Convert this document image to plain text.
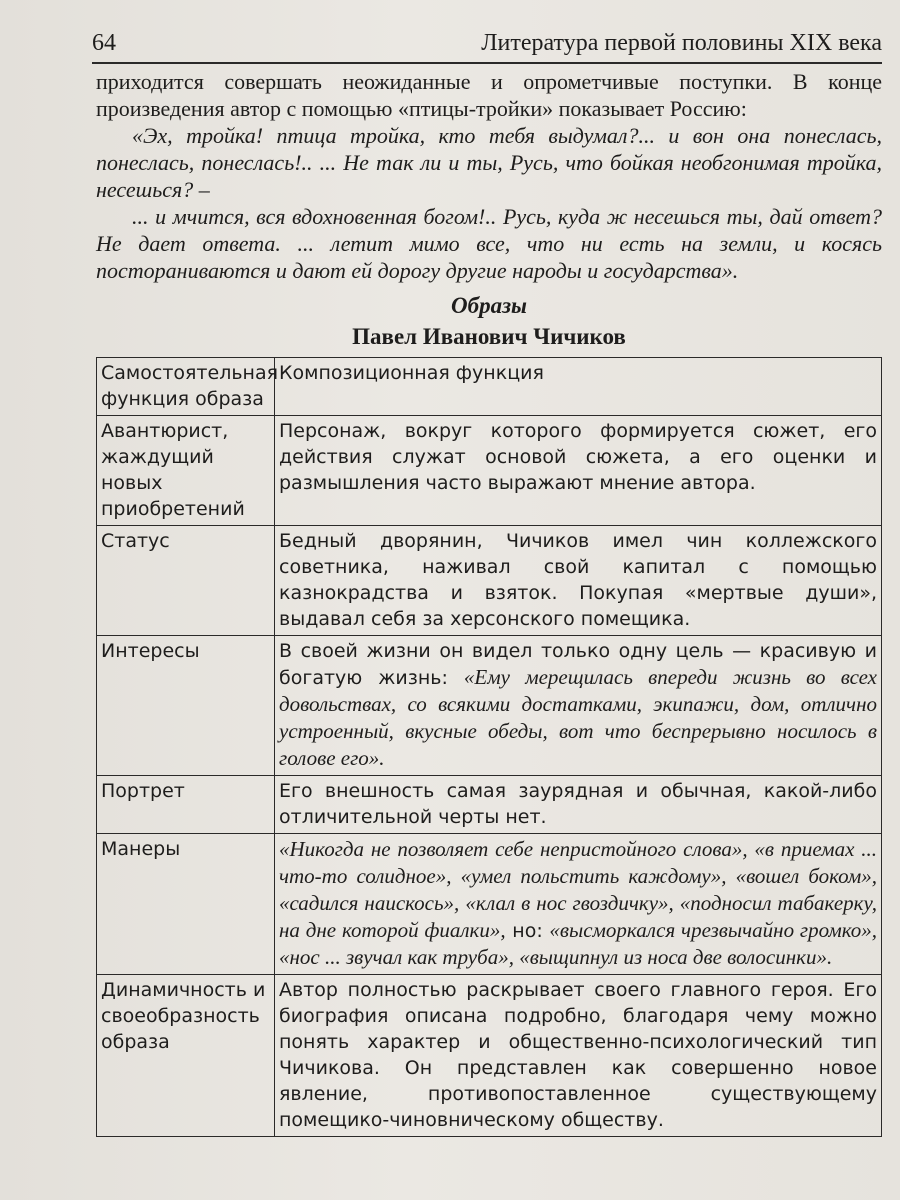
64	Литература первой половины XIX века

приходится совершать неожиданные и опрометчивые поступки. В конце произведения автор с помощью «птицы-тройки» показывает Россию:

«Эх, тройка! птица тройка, кто тебя выдумал?... и вон она понеслась, понеслась, понеслась!.. ... Не так ли и ты, Русь, что бойкая необгонимая тройка, несешься? –

... и мчится, вся вдохновенная богом!.. Русь, куда ж несешься ты, дай ответ? Не дает ответа. ... летит мимо все, что ни есть на земли, и косясь постораниваются и дают ей дорогу другие народы и государства».

Образы
Павел Иванович Чичиков
Самостоятельная функция образа	Композиционная функция
Авантюрист, жаждущий новых приобретений	Персонаж, вокруг которого формируется сюжет, его действия служат основой сюжета, а его оценки и размышления часто выражают мнение автора.
Статус	Бедный дворянин, Чичиков имел чин коллежского советника, наживал свой капитал с помощью казнокрадства и взяток. Покупая «мертвые души», выдавал себя за херсонского помещика.
Интересы	В своей жизни он видел только одну цель — красивую и богатую жизнь: «Ему мерещилась впереди жизнь во всех довольствах, со всякими достатками, экипажи, дом, отлично устроенный, вкусные обеды, вот что беспрерывно носилось в голове его».
Портрет	Его внешность самая заурядная и обычная, какой-либо отличительной черты нет.
Манеры	«Никогда не позволяет себе непристойного слова», «в приемах ... что-то солидное», «умел польстить каждому», «вошел боком», «садился наискось», «клал в нос гвоздичку», «подносил табакерку, на дне которой фиалки», но: «высморкался чрезвычайно громко», «нос ... звучал как труба», «выщипнул из носа две волосинки».
Динамичность и своеобразность образа	Автор полностью раскрывает своего главного героя. Его биография описана подробно, благодаря чему можно понять характер и общественно-психологический тип Чичикова. Он представлен как совершенно новое явление, противопоставленное существующему помещико-чиновническому обществу.
